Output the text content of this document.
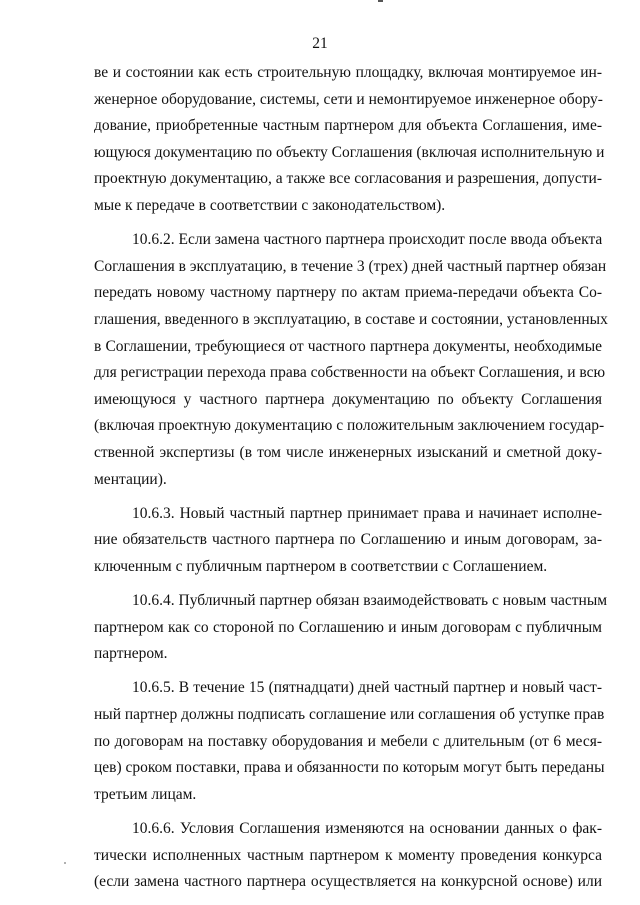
21
ве и состоянии как есть строительную площадку, включая монтируемое ин-
женерное оборудование, системы, сети и немонтируемое инженерное обору-
дование, приобретенные частным партнером для объекта Соглашения, име-
ющуюся документацию по объекту Соглашения (включая исполнительную и
проектную документацию, а также все согласования и разрешения, допусти-
мые к передаче в соответствии с законодательством).
10.6.2. Если замена частного партнера происходит после ввода объекта
Соглашения в эксплуатацию, в течение 3 (трех) дней частный партнер обязан
передать новому частному партнеру по актам приема-передачи объекта Со-
глашения, введенного в эксплуатацию, в составе и состоянии, установленных
в Соглашении, требующиеся от частного партнера документы, необходимые
для регистрации перехода права собственности на объект Соглашения, и всю
имеющуюся у частного партнера документацию по объекту Соглашения
(включая проектную документацию с положительным заключением государ-
ственной экспертизы (в том числе инженерных изысканий и сметной доку-
ментации).
10.6.3. Новый частный партнер принимает права и начинает исполне-
ние обязательств частного партнера по Соглашению и иным договорам, за-
ключенным с публичным партнером в соответствии с Соглашением.
10.6.4. Публичный партнер обязан взаимодействовать с новым частным
партнером как со стороной по Соглашению и иным договорам с публичным
партнером.
10.6.5. В течение 15 (пятнадцати) дней частный партнер и новый част-
ный партнер должны подписать соглашение или соглашения об уступке прав
по договорам на поставку оборудования и мебели с длительным (от 6 меся-
цев) сроком поставки, права и обязанности по которым могут быть переданы
третьим лицам.
10.6.6. Условия Соглашения изменяются на основании данных о фак-
тически исполненных частным партнером к моменту проведения конкурса
(если замена частного партнера осуществляется на конкурсной основе) или
